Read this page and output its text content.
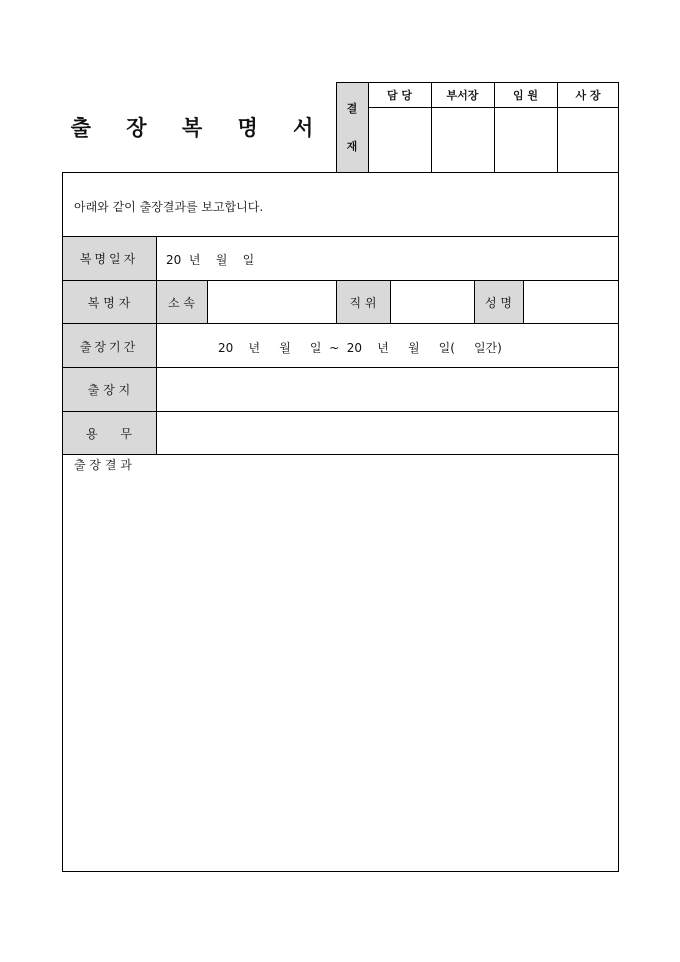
출 장 복 명 서
결
재
담 당	부서장	임 원	사 장
아래와 같이 출장결과를 보고합니다.
복명일자	20  년    월    일
복 명 자	소 속	직 위	성 명
출장기간	20    년     월     일  ~  20    년     월     일(     일간)
출 장 지
용      무
출 장 결 과
